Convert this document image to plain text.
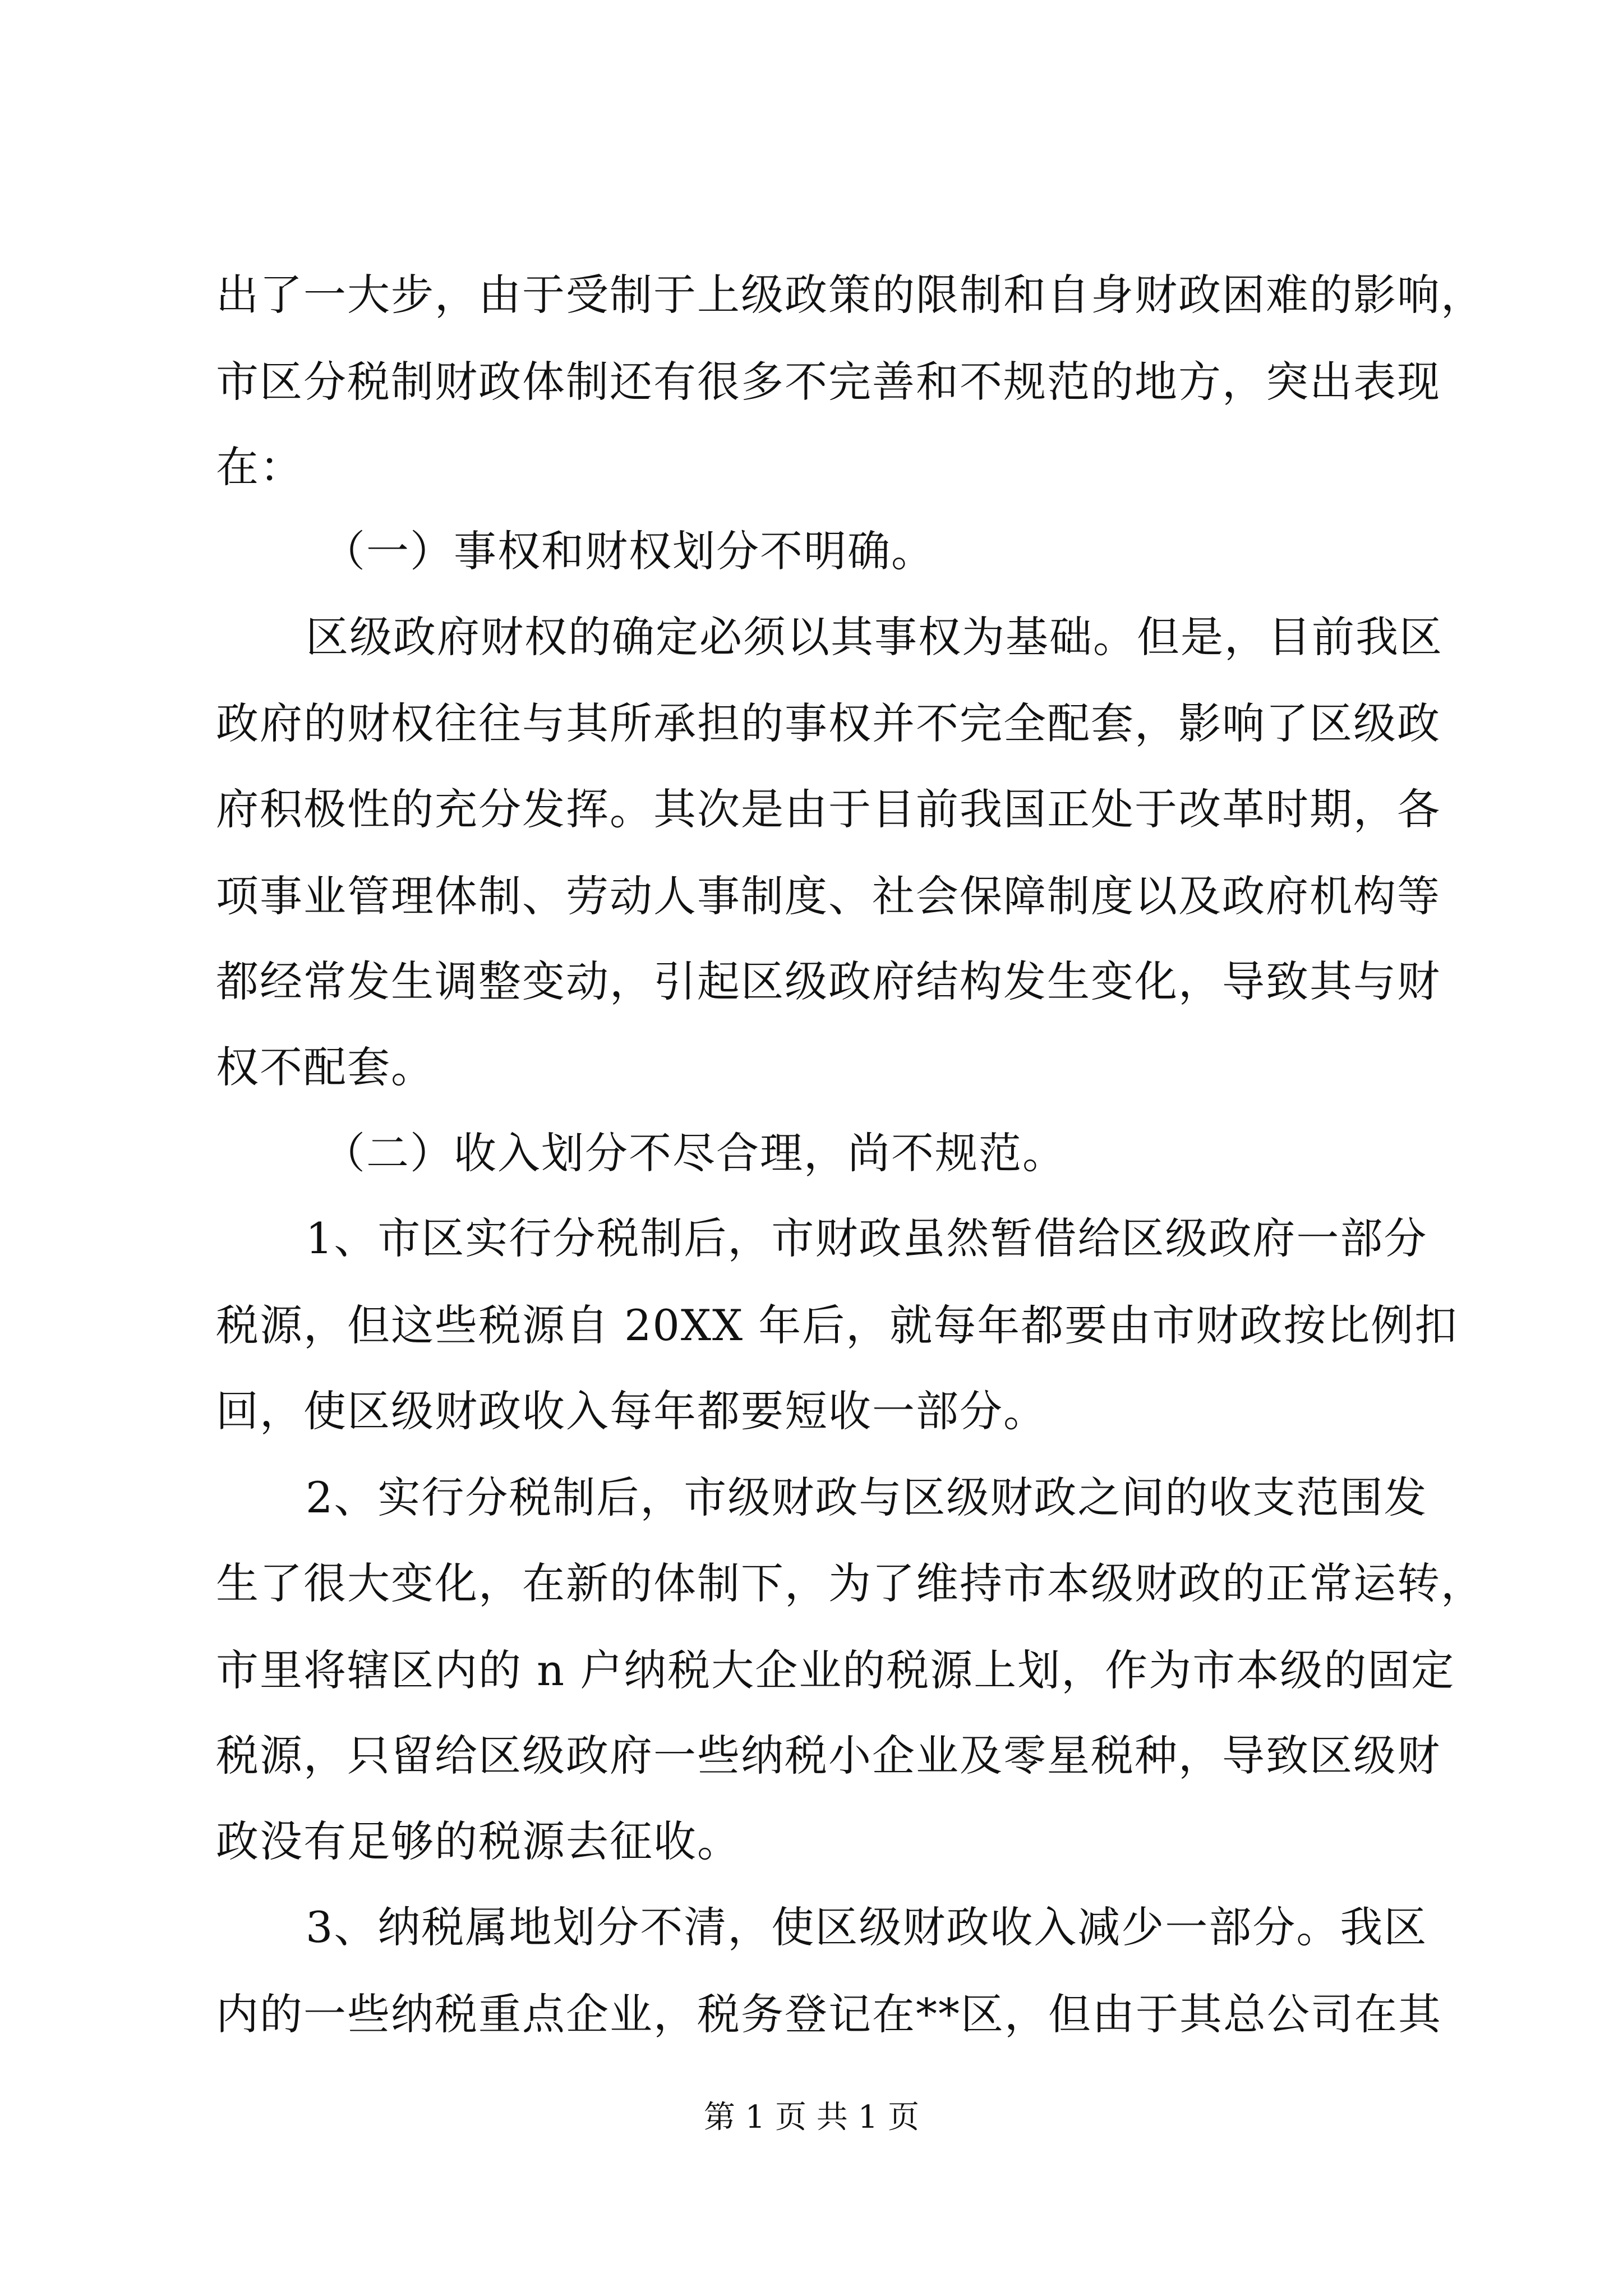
出了一大步，由于受制于上级政策的限制和自身财政困难的影响，

市区分税制财政体制还有很多不完善和不规范的地方，突出表现

在：

（一）事权和财权划分不明确。

区级政府财权的确定必须以其事权为基础。但是，目前我区

政府的财权往往与其所承担的事权并不完全配套，影响了区级政

府积极性的充分发挥。其次是由于目前我国正处于改革时期，各

项事业管理体制、劳动人事制度、社会保障制度以及政府机构等

都经常发生调整变动，引起区级政府结构发生变化，导致其与财

权不配套。

（二）收入划分不尽合理，尚不规范。

1、市区实行分税制后，市财政虽然暂借给区级政府一部分

税源，但这些税源自 20XX 年后，就每年都要由市财政按比例扣

回，使区级财政收入每年都要短收一部分。

2、实行分税制后，市级财政与区级财政之间的收支范围发

生了很大变化，在新的体制下，为了维持市本级财政的正常运转，

市里将辖区内的 n 户纳税大企业的税源上划，作为市本级的固定

税源，只留给区级政府一些纳税小企业及零星税种，导致区级财

政没有足够的税源去征收。

3、纳税属地划分不清，使区级财政收入减少一部分。我区

内的一些纳税重点企业，税务登记在**区，但由于其总公司在其

第 1 页 共 1 页
